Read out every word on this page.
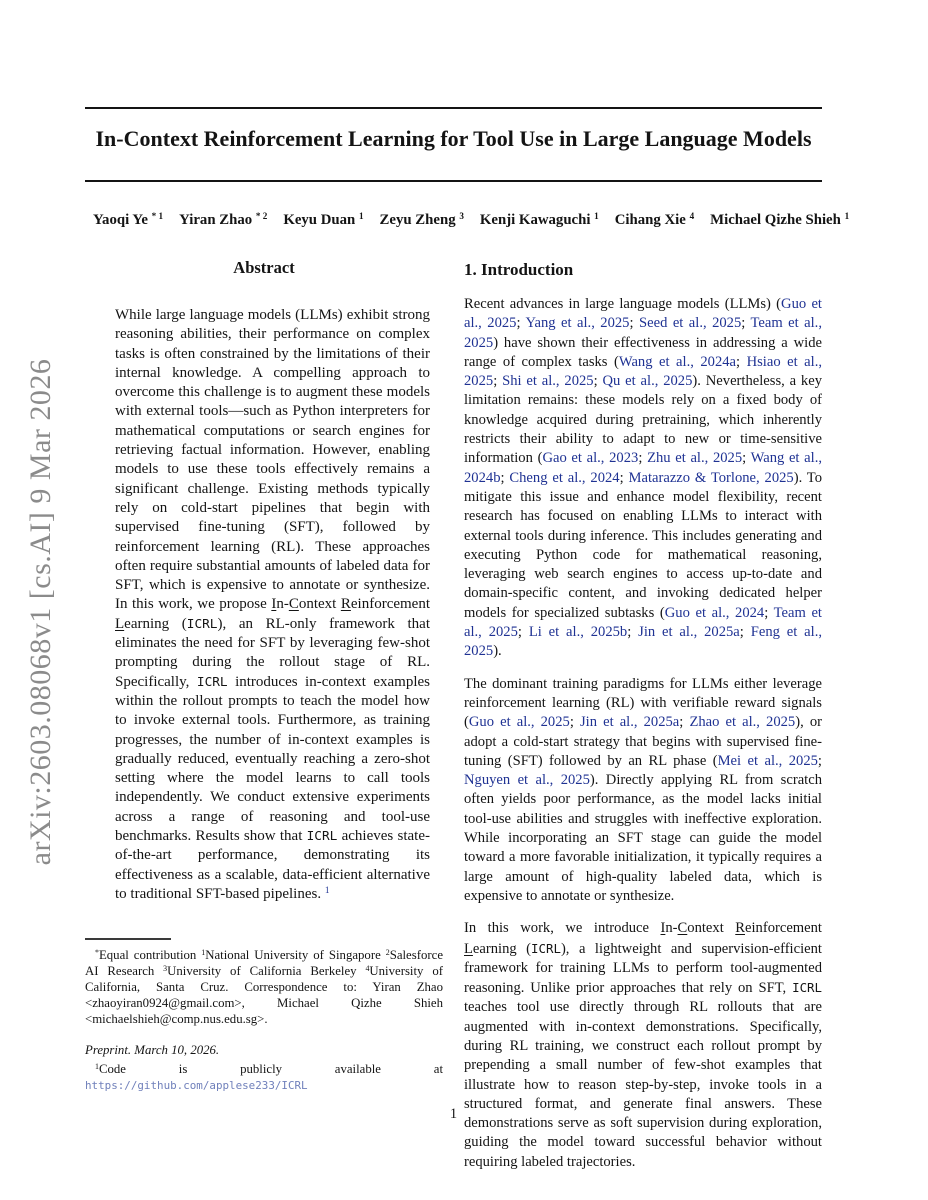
arXiv:2603.08068v1 [cs.AI] 9 Mar 2026
In-Context Reinforcement Learning for Tool Use in Large Language Models
Yaoqi Ye $^{* 1}$ Yiran Zhao $^{* 2}$ Keyu Duan $^1$ Zeyu Zheng $^3$ Kenji Kawaguchi $^1$ Cihang Xie $^4$ Michael Qizhe Shieh $^1$
Abstract

While large language models (LLMs) exhibit strong reasoning abilities, their performance on complex tasks is often constrained by the limitations of their internal knowledge. A compelling approach to overcome this challenge is to augment these models with external tools—such as Python interpreters for mathematical computations or search engines for retrieving factual information. However, enabling models to use these tools effectively remains a significant challenge. Existing methods typically rely on cold-start pipelines that begin with supervised fine-tuning (SFT), followed by reinforcement learning (RL). These approaches often require substantial amounts of labeled data for SFT, which is expensive to annotate or synthesize. In this work, we propose In-Context Reinforcement Learning (ICRL), an RL-only framework that eliminates the need for SFT by leveraging few-shot prompting during the rollout stage of RL. Specifically, ICRL introduces in-context examples within the rollout prompts to teach the model how to invoke external tools. Furthermore, as training progresses, the number of in-context examples is gradually reduced, eventually reaching a zero-shot setting where the model learns to call tools independently. We conduct extensive experiments across a range of reasoning and tool-use benchmarks. Results show that ICRL achieves state-of-the-art performance, demonstrating its effectiveness as a scalable, data-efficient alternative to traditional SFT-based pipelines. $^1$

1. Introduction

Recent advances in large language models (LLMs) (Guo et al., 2025; Yang et al., 2025; Seed et al., 2025; Team et al., 2025) have shown their effectiveness in addressing a wide range of complex tasks (Wang et al., 2024a; Hsiao et al., 2025; Shi et al., 2025; Qu et al., 2025). Nevertheless, a key limitation remains: these models rely on a fixed body of knowledge acquired during pretraining, which inherently restricts their ability to adapt to new or time-sensitive information (Gao et al., 2023; Zhu et al., 2025; Wang et al., 2024b; Cheng et al., 2024; Matarazzo & Torlone, 2025). To mitigate this issue and enhance model flexibility, recent research has focused on enabling LLMs to interact with external tools during inference. This includes generating and executing Python code for mathematical reasoning, leveraging web search engines to access up-to-date and domain-specific content, and invoking dedicated helper models for specialized subtasks (Guo et al., 2024; Team et al., 2025; Li et al., 2025b; Jin et al., 2025a; Feng et al., 2025).

The dominant training paradigms for LLMs either leverage reinforcement learning (RL) with verifiable reward signals (Guo et al., 2025; Jin et al., 2025a; Zhao et al., 2025), or adopt a cold-start strategy that begins with supervised fine-tuning (SFT) followed by an RL phase (Mei et al., 2025; Nguyen et al., 2025). Directly applying RL from scratch often yields poor performance, as the model lacks initial tool-use abilities and struggles with ineffective exploration. While incorporating an SFT stage can guide the model toward a more favorable initialization, it typically requires a large amount of high-quality labeled data, which is expensive to annotate or synthesize.

In this work, we introduce In-Context Reinforcement Learning (ICRL), a lightweight and supervision-efficient framework for training LLMs to perform tool-augmented reasoning. Unlike prior approaches that rely on SFT, ICRL teaches tool use directly through RL rollouts that are augmented with in-context demonstrations. Specifically, during RL training, we construct each rollout prompt by prepending a small number of few-shot examples that illustrate how to reason step-by-step, invoke tools in a structured format, and generate final answers. These demonstrations serve as soft supervision during exploration, guiding the model toward successful behavior without requiring labeled trajectories.

*Equal contribution $^1$National University of Singapore $^2$Salesforce AI Research $^3$University of California Berkeley $^4$University of California, Santa Cruz. Correspondence to: Yiran Zhao <zhaoyiran0924@gmail.com>, Michael Qizhe Shieh <michaelshieh@comp.nus.edu.sg>.

Preprint. March 10, 2026.

$^1$Code is publicly available at https://github.com/applese233/ICRL

1
